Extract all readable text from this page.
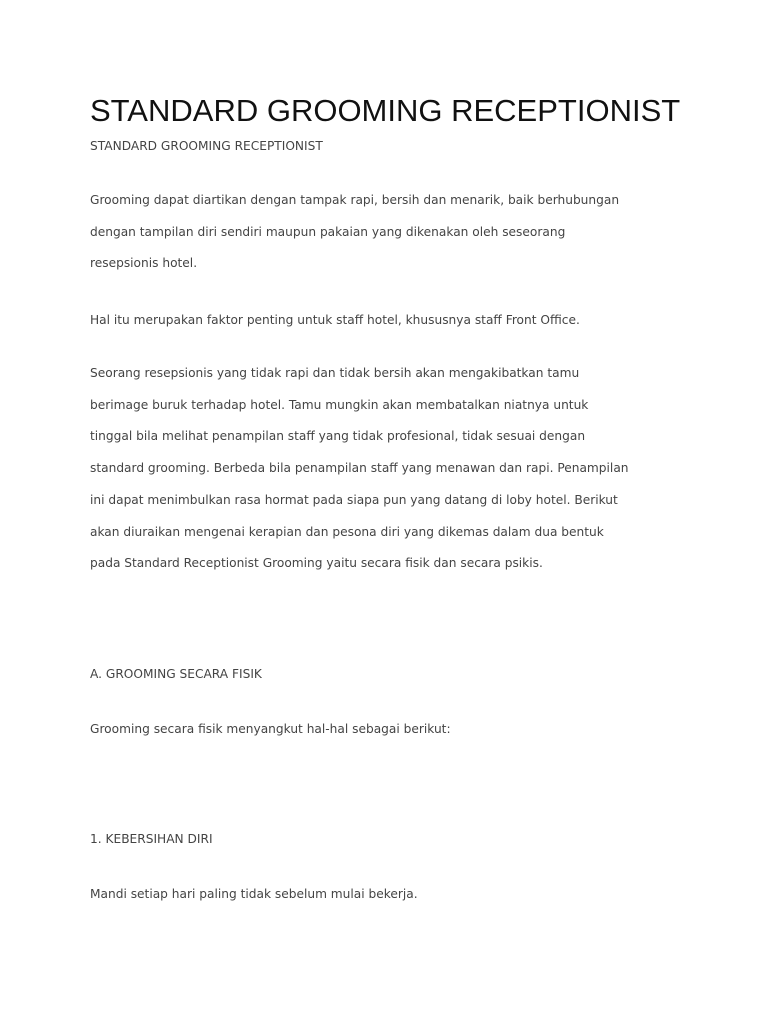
STANDARD GROOMING RECEPTIONIST

STANDARD GROOMING RECEPTIONIST

Grooming dapat diartikan dengan tampak rapi, bersih dan menarik, baik berhubungan
dengan tampilan diri sendiri maupun pakaian yang dikenakan oleh seseorang
resepsionis hotel.

Hal itu merupakan faktor penting untuk staff hotel, khususnya staff Front Office.

Seorang resepsionis yang tidak rapi dan tidak bersih akan mengakibatkan tamu
berimage buruk terhadap hotel. Tamu mungkin akan membatalkan niatnya untuk
tinggal bila melihat penampilan staff yang tidak profesional, tidak sesuai dengan
standard grooming. Berbeda bila penampilan staff yang menawan dan rapi. Penampilan
ini dapat menimbulkan rasa hormat pada siapa pun yang datang di loby hotel. Berikut
akan diuraikan mengenai kerapian dan pesona diri yang dikemas dalam dua bentuk
pada Standard Receptionist Grooming yaitu secara fisik dan secara psikis.

A. GROOMING SECARA FISIK

Grooming secara fisik menyangkut hal-hal sebagai berikut:

1. KEBERSIHAN DIRI

Mandi setiap hari paling tidak sebelum mulai bekerja.
